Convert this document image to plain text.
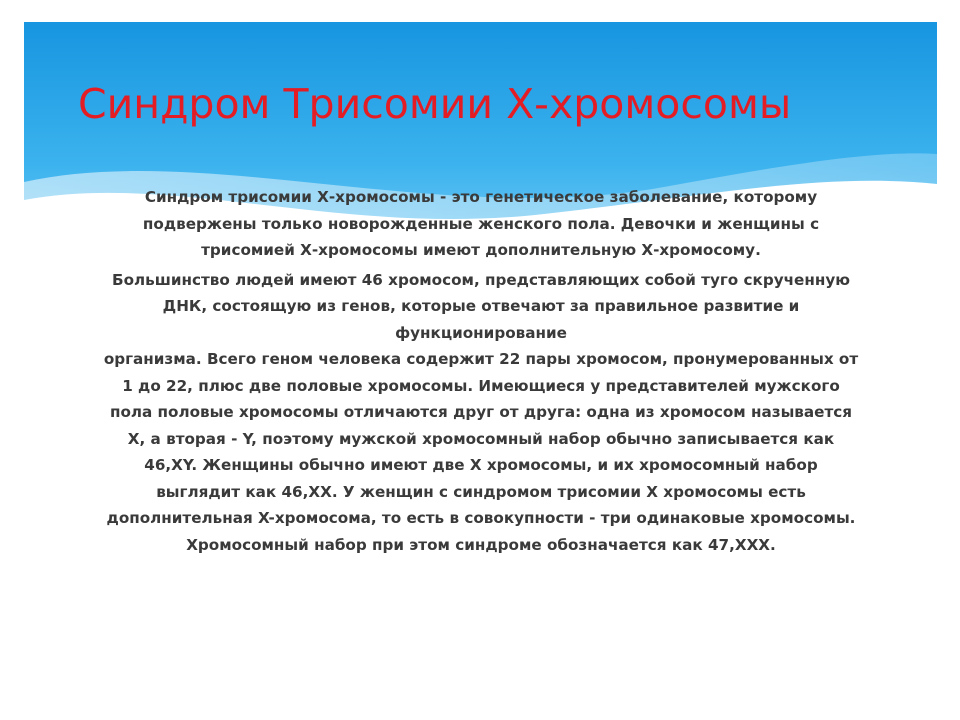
Синдром Трисомии Х-хромосомы

Синдром трисомии Х-хромосомы - это генетическое заболевание, которому подвержены только новорожденные женского пола. Девочки и женщины с трисомией Х-хромосомы имеют дополнительную Х-хромосому.

Большинство людей имеют 46 хромосом, представляющих собой туго скрученную ДНК, состоящую из генов, которые отвечают за правильное развитие и функционирование

организма. Всего геном человека содержит 22 пары хромосом, пронумерованных от 1 до 22, плюс две половые хромосомы. Имеющиеся у представителей мужского пола половые хромосомы отличаются друг от друга: одна из хромосом называется X, а вторая - Y, поэтому мужской хромосомный набор обычно записывается как 46,XY. Женщины обычно имеют две X хромосомы, и их хромосомный набор выглядит как 46,XX. У женщин с синдромом трисомии X хромосомы есть дополнительная X-хромосома, то есть в совокупности - три одинаковые хромосомы. Хромосомный набор при этом синдроме обозначается как 47,XXX.
